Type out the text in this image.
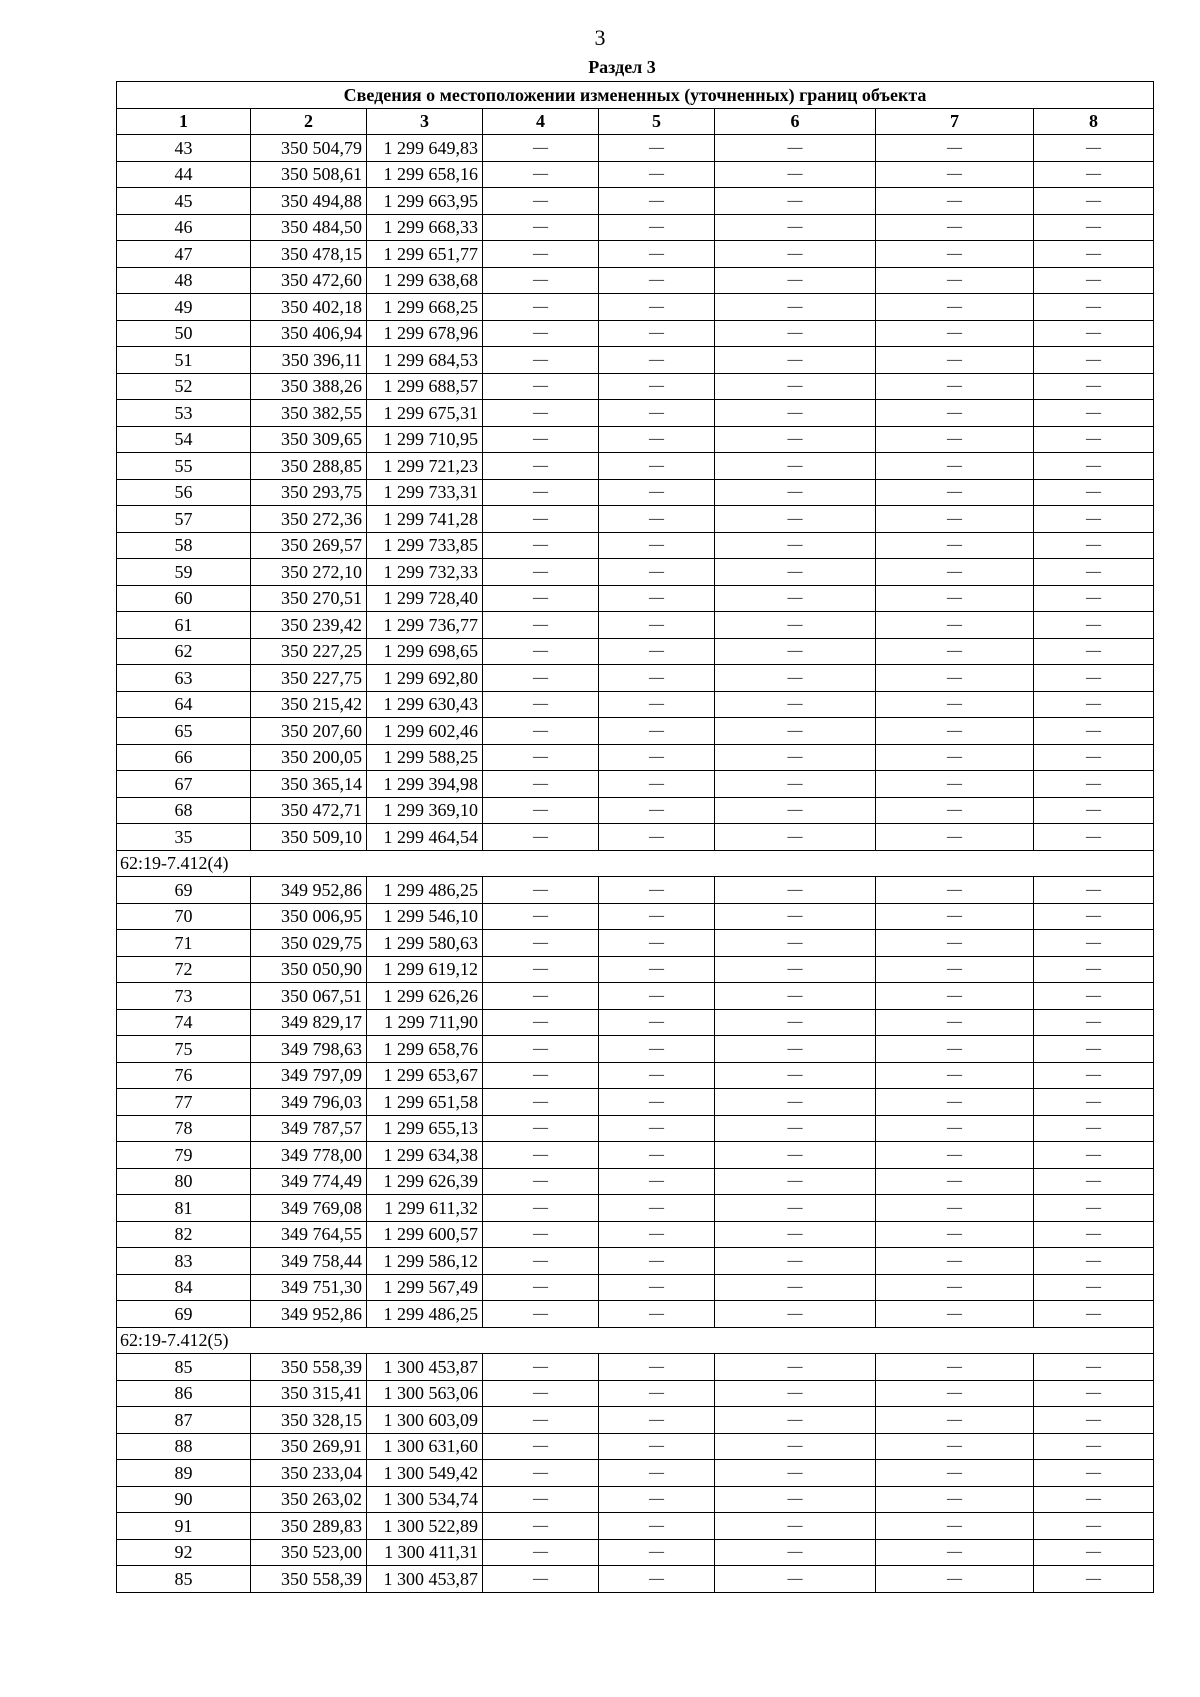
3
Раздел 3
Сведения о местоположении измененных (уточненных) границ объекта							
1	2	3	4	5	6	7	8
43	350 504,79	1 299 649,83	—	—	—	—	—
44	350 508,61	1 299 658,16	—	—	—	—	—
45	350 494,88	1 299 663,95	—	—	—	—	—
46	350 484,50	1 299 668,33	—	—	—	—	—
47	350 478,15	1 299 651,77	—	—	—	—	—
48	350 472,60	1 299 638,68	—	—	—	—	—
49	350 402,18	1 299 668,25	—	—	—	—	—
50	350 406,94	1 299 678,96	—	—	—	—	—
51	350 396,11	1 299 684,53	—	—	—	—	—
52	350 388,26	1 299 688,57	—	—	—	—	—
53	350 382,55	1 299 675,31	—	—	—	—	—
54	350 309,65	1 299 710,95	—	—	—	—	—
55	350 288,85	1 299 721,23	—	—	—	—	—
56	350 293,75	1 299 733,31	—	—	—	—	—
57	350 272,36	1 299 741,28	—	—	—	—	—
58	350 269,57	1 299 733,85	—	—	—	—	—
59	350 272,10	1 299 732,33	—	—	—	—	—
60	350 270,51	1 299 728,40	—	—	—	—	—
61	350 239,42	1 299 736,77	—	—	—	—	—
62	350 227,25	1 299 698,65	—	—	—	—	—
63	350 227,75	1 299 692,80	—	—	—	—	—
64	350 215,42	1 299 630,43	—	—	—	—	—
65	350 207,60	1 299 602,46	—	—	—	—	—
66	350 200,05	1 299 588,25	—	—	—	—	—
67	350 365,14	1 299 394,98	—	—	—	—	—
68	350 472,71	1 299 369,10	—	—	—	—	—
35	350 509,10	1 299 464,54	—	—	—	—	—
62:19-7.412(4)							
69	349 952,86	1 299 486,25	—	—	—	—	—
70	350 006,95	1 299 546,10	—	—	—	—	—
71	350 029,75	1 299 580,63	—	—	—	—	—
72	350 050,90	1 299 619,12	—	—	—	—	—
73	350 067,51	1 299 626,26	—	—	—	—	—
74	349 829,17	1 299 711,90	—	—	—	—	—
75	349 798,63	1 299 658,76	—	—	—	—	—
76	349 797,09	1 299 653,67	—	—	—	—	—
77	349 796,03	1 299 651,58	—	—	—	—	—
78	349 787,57	1 299 655,13	—	—	—	—	—
79	349 778,00	1 299 634,38	—	—	—	—	—
80	349 774,49	1 299 626,39	—	—	—	—	—
81	349 769,08	1 299 611,32	—	—	—	—	—
82	349 764,55	1 299 600,57	—	—	—	—	—
83	349 758,44	1 299 586,12	—	—	—	—	—
84	349 751,30	1 299 567,49	—	—	—	—	—
69	349 952,86	1 299 486,25	—	—	—	—	—
62:19-7.412(5)							
85	350 558,39	1 300 453,87	—	—	—	—	—
86	350 315,41	1 300 563,06	—	—	—	—	—
87	350 328,15	1 300 603,09	—	—	—	—	—
88	350 269,91	1 300 631,60	—	—	—	—	—
89	350 233,04	1 300 549,42	—	—	—	—	—
90	350 263,02	1 300 534,74	—	—	—	—	—
91	350 289,83	1 300 522,89	—	—	—	—	—
92	350 523,00	1 300 411,31	—	—	—	—	—
85	350 558,39	1 300 453,87	—	—	—	—	—
